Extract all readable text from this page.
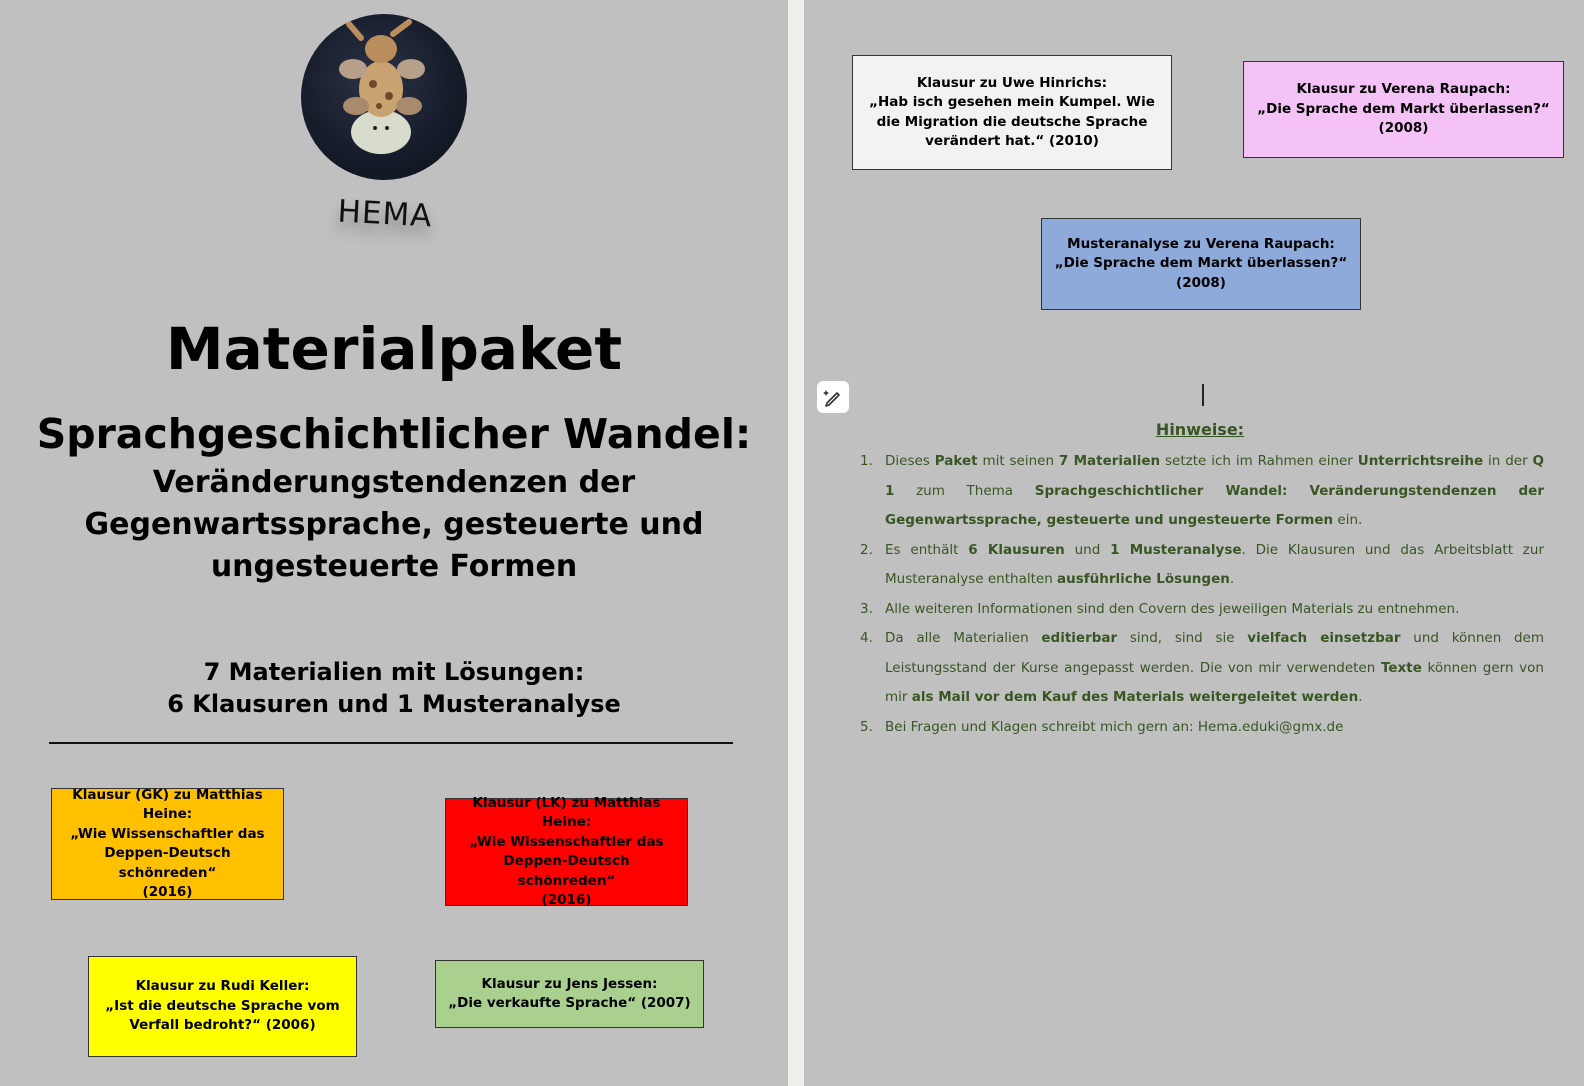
HEMA
Materialpaket
Sprachgeschichtlicher Wandel:
Veränderungstendenzen der Gegenwartssprache, gesteuerte und ungesteuerte Formen
7 Materialien mit Lösungen:
6 Klausuren und 1 Musteranalyse
Klausur (GK) zu Matthias Heine:
„Wie Wissenschaftler das Deppen-Deutsch schönreden“
(2016)
Klausur (LK) zu Matthias Heine:
„Wie Wissenschaftler das Deppen-Deutsch schönreden“
(2016)
Klausur zu Rudi Keller:
„Ist die deutsche Sprache vom Verfall bedroht?“ (2006)
Klausur zu Jens Jessen:
„Die verkaufte Sprache“ (2007)
Klausur zu Uwe Hinrichs:
„Hab isch gesehen mein Kumpel. Wie die Migration die deutsche Sprache verändert hat.“ (2010)
Klausur zu Verena Raupach:
„Die Sprache dem Markt überlassen?“
(2008)
Musteranalyse zu Verena Raupach:
„Die Sprache dem Markt überlassen?“
(2008)
Hinweise:
1. Dieses Paket mit seinen 7 Materialien setzte ich im Rahmen einer Unterrichtsreihe in der Q 1 zum Thema Sprachgeschichtlicher Wandel: Veränderungstendenzen der Gegenwartssprache, gesteuerte und ungesteuerte Formen ein.
2. Es enthält 6 Klausuren und 1 Musteranalyse. Die Klausuren und das Arbeitsblatt zur Musteranalyse enthalten ausführliche Lösungen.
3. Alle weiteren Informationen sind den Covern des jeweiligen Materials zu entnehmen.
4. Da alle Materialien editierbar sind, sind sie vielfach einsetzbar und können dem Leistungsstand der Kurse angepasst werden. Die von mir verwendeten Texte können gern von mir als Mail vor dem Kauf des Materials weitergeleitet werden.
5. Bei Fragen und Klagen schreibt mich gern an: Hema.eduki@gmx.de
